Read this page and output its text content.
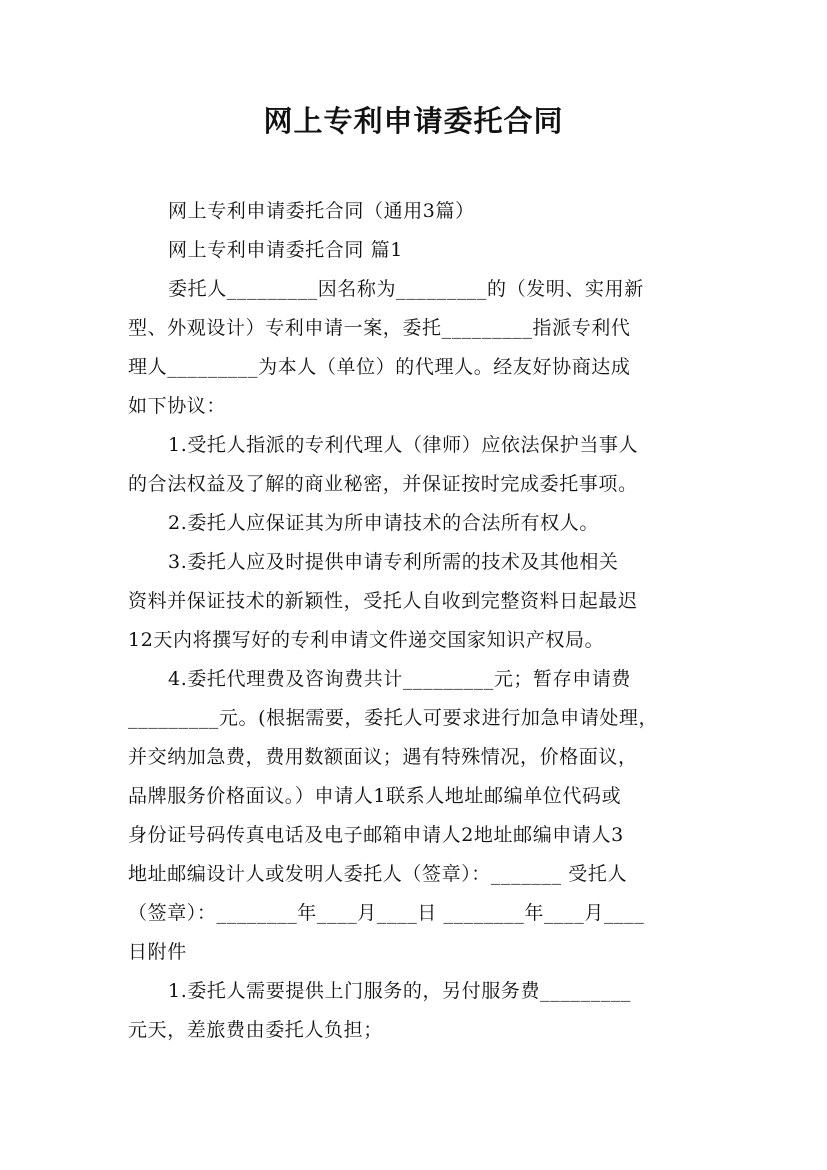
网上专利申请委托合同
网上专利申请委托合同（通用3篇）
网上专利申请委托合同 篇1
委托人_________因名称为_________的（发明、实用新
型、外观设计）专利申请一案，委托_________指派专利代
理人_________为本人（单位）的代理人。经友好协商达成
如下协议：
1.受托人指派的专利代理人（律师）应依法保护当事人
的合法权益及了解的商业秘密，并保证按时完成委托事项。
2.委托人应保证其为所申请技术的合法所有权人。
3.委托人应及时提供申请专利所需的技术及其他相关
资料并保证技术的新颖性，受托人自收到完整资料日起最迟
12天内将撰写好的专利申请文件递交国家知识产权局。
4.委托代理费及咨询费共计_________元；暂存申请费
_________元。(根据需要，委托人可要求进行加急申请处理，
并交纳加急费，费用数额面议；遇有特殊情况，价格面议，
品牌服务价格面议。）申请人1联系人地址邮编单位代码或
身份证号码传真电话及电子邮箱申请人2地址邮编申请人3
地址邮编设计人或发明人委托人（签章）：_______ 受托人
（签章）：________年____月____日 ________年____月____
日附件
1.委托人需要提供上门服务的，另付服务费_________
元天，差旅费由委托人负担；
